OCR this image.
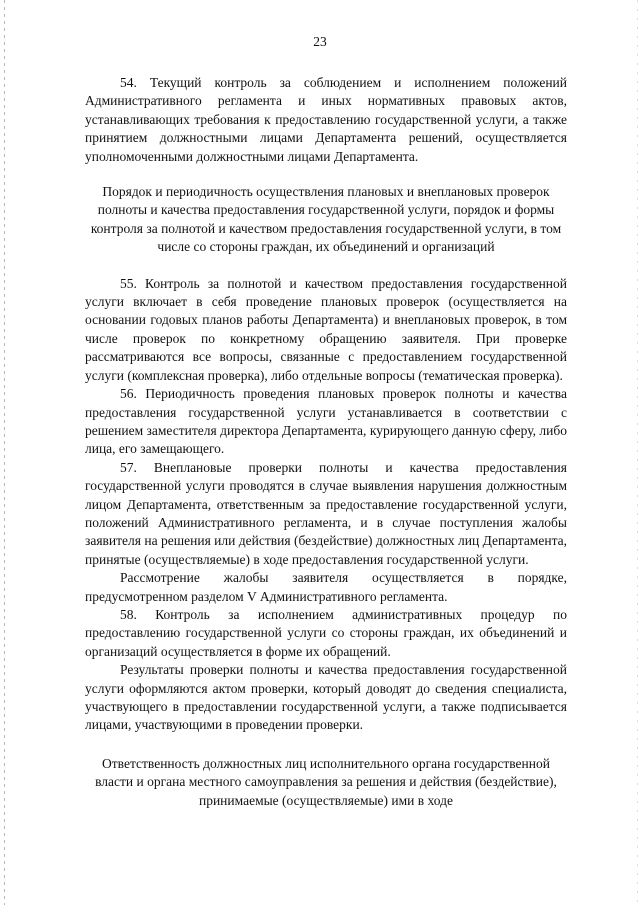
23

54. Текущий контроль за соблюдением и исполнением положений Административного регламента и иных нормативных правовых актов, устанавливающих требования к предоставлению государственной услуги, а также принятием должностными лицами Департамента решений, осуществляется уполномоченными должностными лицами Департамента.

Порядок и периодичность осуществления плановых и внеплановых проверок полноты и качества предоставления государственной услуги, порядок и формы контроля за полнотой и качеством предоставления государственной услуги, в том числе со стороны граждан, их объединений и организаций

55. Контроль за полнотой и качеством предоставления государственной услуги включает в себя проведение плановых проверок (осуществляется на основании годовых планов работы Департамента) и внеплановых проверок, в том числе проверок по конкретному обращению заявителя. При проверке рассматриваются все вопросы, связанные с предоставлением государственной услуги (комплексная проверка), либо отдельные вопросы (тематическая проверка).

56. Периодичность проведения плановых проверок полноты и качества предоставления государственной услуги устанавливается в соответствии с решением заместителя директора Департамента, курирующего данную сферу, либо лица, его замещающего.

57. Внеплановые проверки полноты и качества предоставления государственной услуги проводятся в случае выявления нарушения должностным лицом Департамента, ответственным за предоставление государственной услуги, положений Административного регламента, и в случае поступления жалобы заявителя на решения или действия (бездействие) должностных лиц Департамента, принятые (осуществляемые) в ходе предоставления государственной услуги.

Рассмотрение жалобы заявителя осуществляется в порядке, предусмотренном разделом V Административного регламента.

58. Контроль за исполнением административных процедур по предоставлению государственной услуги со стороны граждан, их объединений и организаций осуществляется в форме их обращений.

Результаты проверки полноты и качества предоставления государственной услуги оформляются актом проверки, который доводят до сведения специалиста, участвующего в предоставлении государственной услуги, а также подписывается лицами, участвующими в проведении проверки.

Ответственность должностных лиц исполнительного органа государственной власти и органа местного самоуправления за решения и действия (бездействие), принимаемые (осуществляемые) ими в ходе
